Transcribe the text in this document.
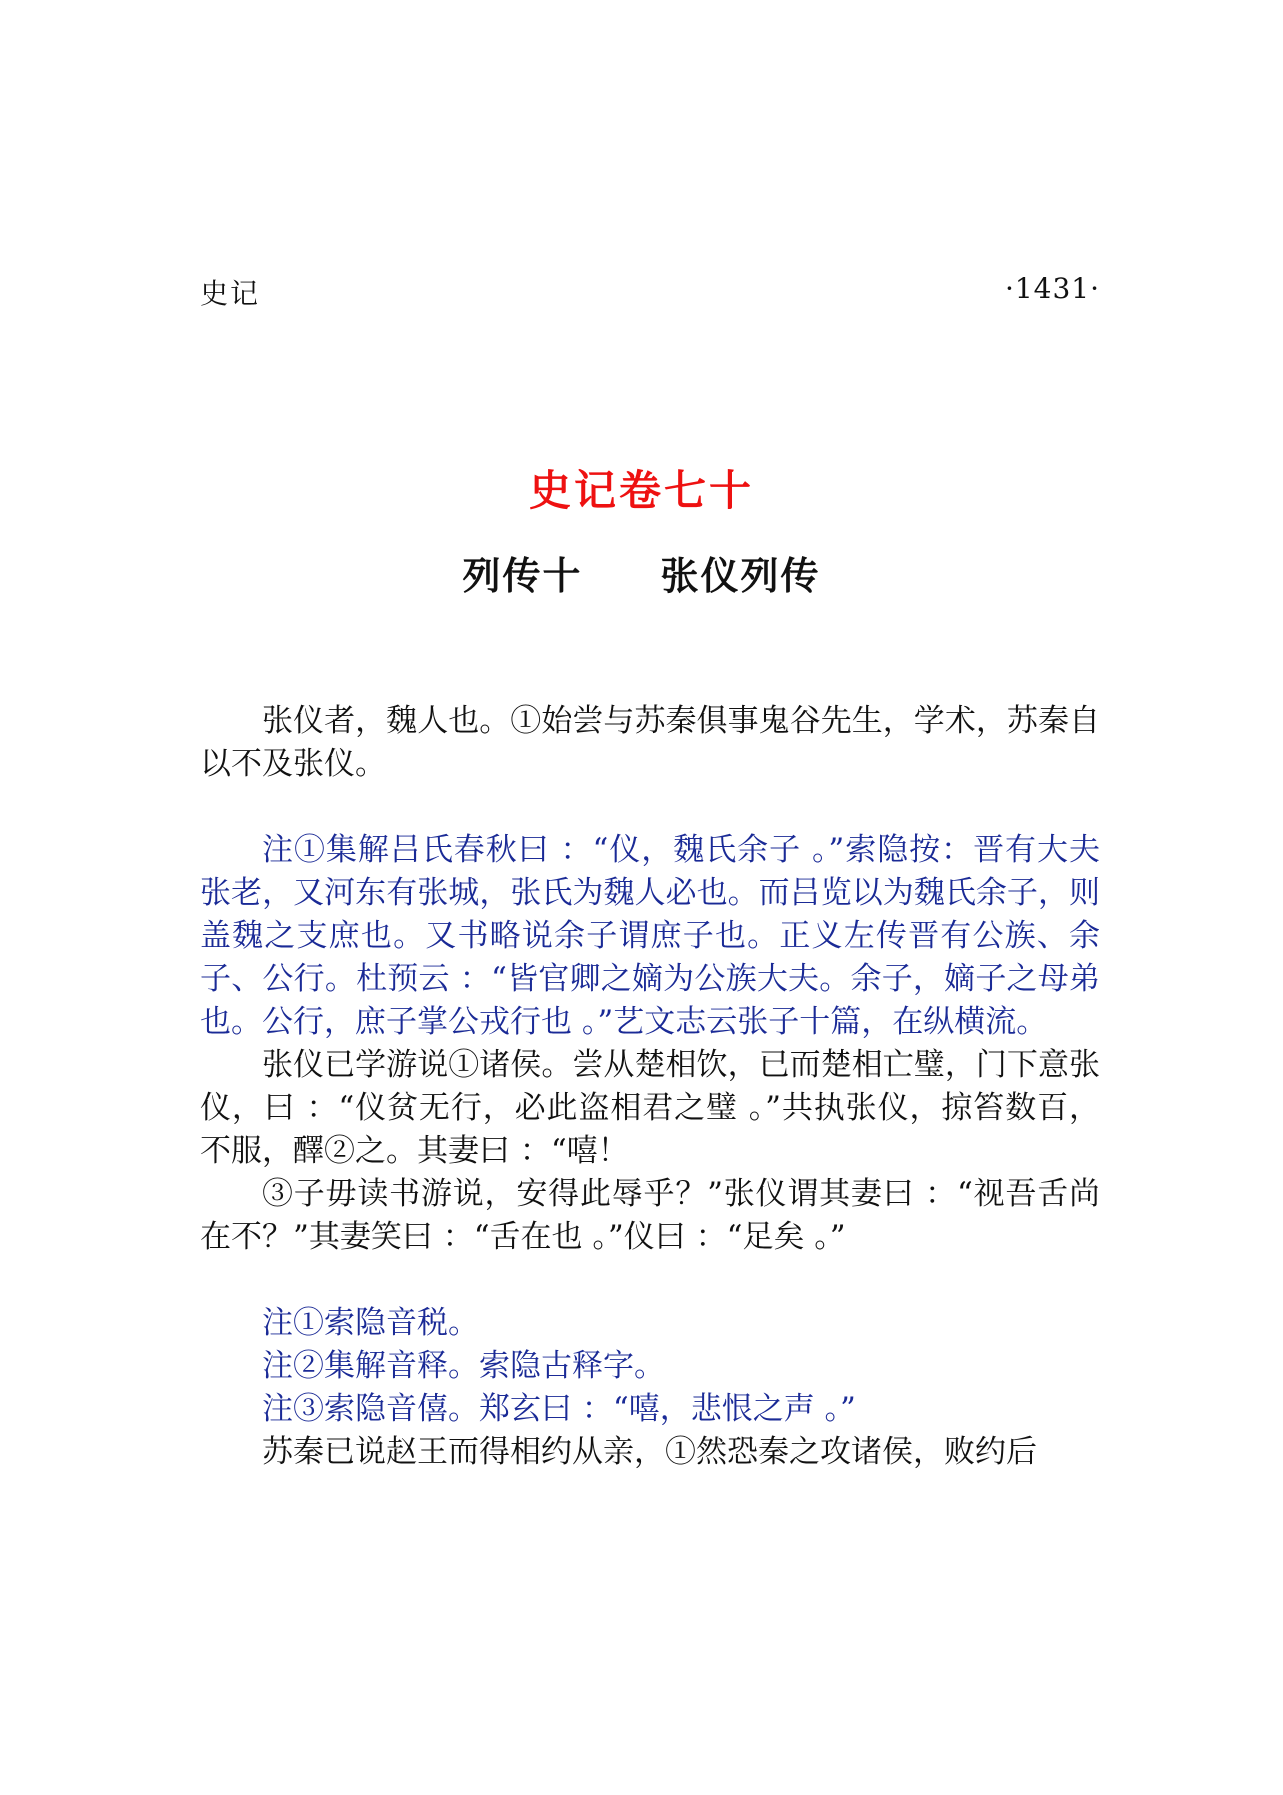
史记	·1431·
史记卷七十
列传十 张仪列传

张仪者，魏人也。①始尝与苏秦俱事鬼谷先生，学术，苏秦自以不及张仪。

注①集解吕氏春秋曰 ：“仪，魏氏余子 。”索隐按：晋有大夫张老，又河东有张城，张氏为魏人必也。而吕览以为魏氏余子，则盖魏之支庶也。又书略说余子谓庶子也。正义左传晋有公族、余子、公行。杜预云 ：“皆官卿之嫡为公族大夫。余子，嫡子之母弟也。公行，庶子掌公戎行也 。”艺文志云张子十篇，在纵横流。

张仪已学游说①诸侯。尝从楚相饮，已而楚相亡璧，门下意张仪，曰 ：“仪贫无行，必此盗相君之璧 。”共执张仪，掠笞数百，不服，醳②之。其妻曰 ：“嘻！

③子毋读书游说，安得此辱乎？”张仪谓其妻曰 ：“视吾舌尚在不？”其妻笑曰 ：“舌在也 。”仪曰 ：“足矣 。”

注①索隐音税。

注②集解音释。索隐古释字。

注③索隐音僖。郑玄曰 ：“嘻，悲恨之声 。”

苏秦已说赵王而得相约从亲，①然恐秦之攻诸侯，败约后
